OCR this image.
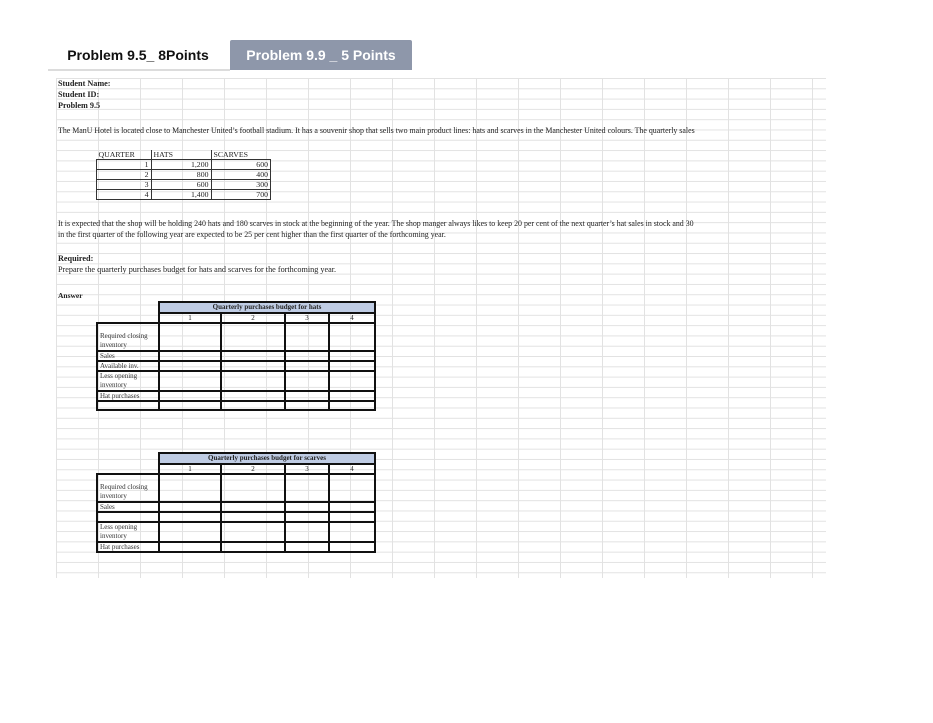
Problem 9.5_ 8Points	Problem 9.9 _ 5 Points
Student Name:
Student ID:
Problem 9.5
The ManU Hotel is located close to Manchester United’s football stadium. It has a souvenir shop that sells two main product lines: hats and scarves in the Manchester United colours. The quarterly sales
QUARTER	HATS	SCARVES
1	1,200	600
2	800	400
3	600	300
4	1,400	700
It is expected that the shop will be holding 240 hats and 180 scarves in stock at the beginning of the year. The shop manger always likes to keep 20 per cent of the next quarter’s hat sales in stock and 30
in the first quarter of the following year are expected to be 25 per cent higher than the first quarter of the forthcoming year.
Required:
Prepare the quarterly purchases budget for hats and scarves for the forthcoming year.
Answer
	Quarterly purchases budget for hats			
	1	2	3	4
Required closing inventory				
Sales				
Available inv.				
Less opening inventory				
Hat purchases				

	Quarterly purchases budget for scarves			
	1	2	3	4
Required closing inventory				
Sales				

Less opening inventory				
Hat purchases				
